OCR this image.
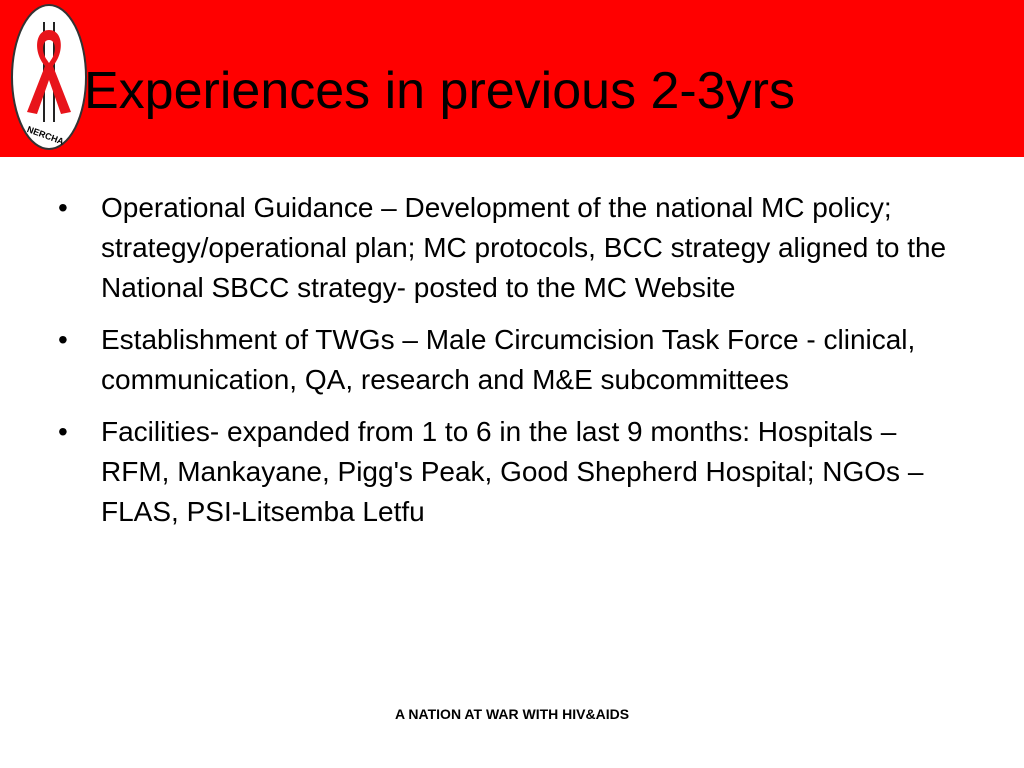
NERCHA
Experiences in previous 2-3yrs
• Operational Guidance – Development of the national MC policy; strategy/operational plan; MC protocols, BCC strategy aligned to the National SBCC strategy- posted to the MC Website
• Establishment of TWGs – Male Circumcision Task Force - clinical, communication, QA, research and M&E subcommittees
• Facilities- expanded from 1 to 6 in the last 9 months: Hospitals – RFM, Mankayane, Pigg's Peak, Good Shepherd Hospital; NGOs – FLAS, PSI-Litsemba Letfu
A NATION AT WAR WITH HIV&AIDS
